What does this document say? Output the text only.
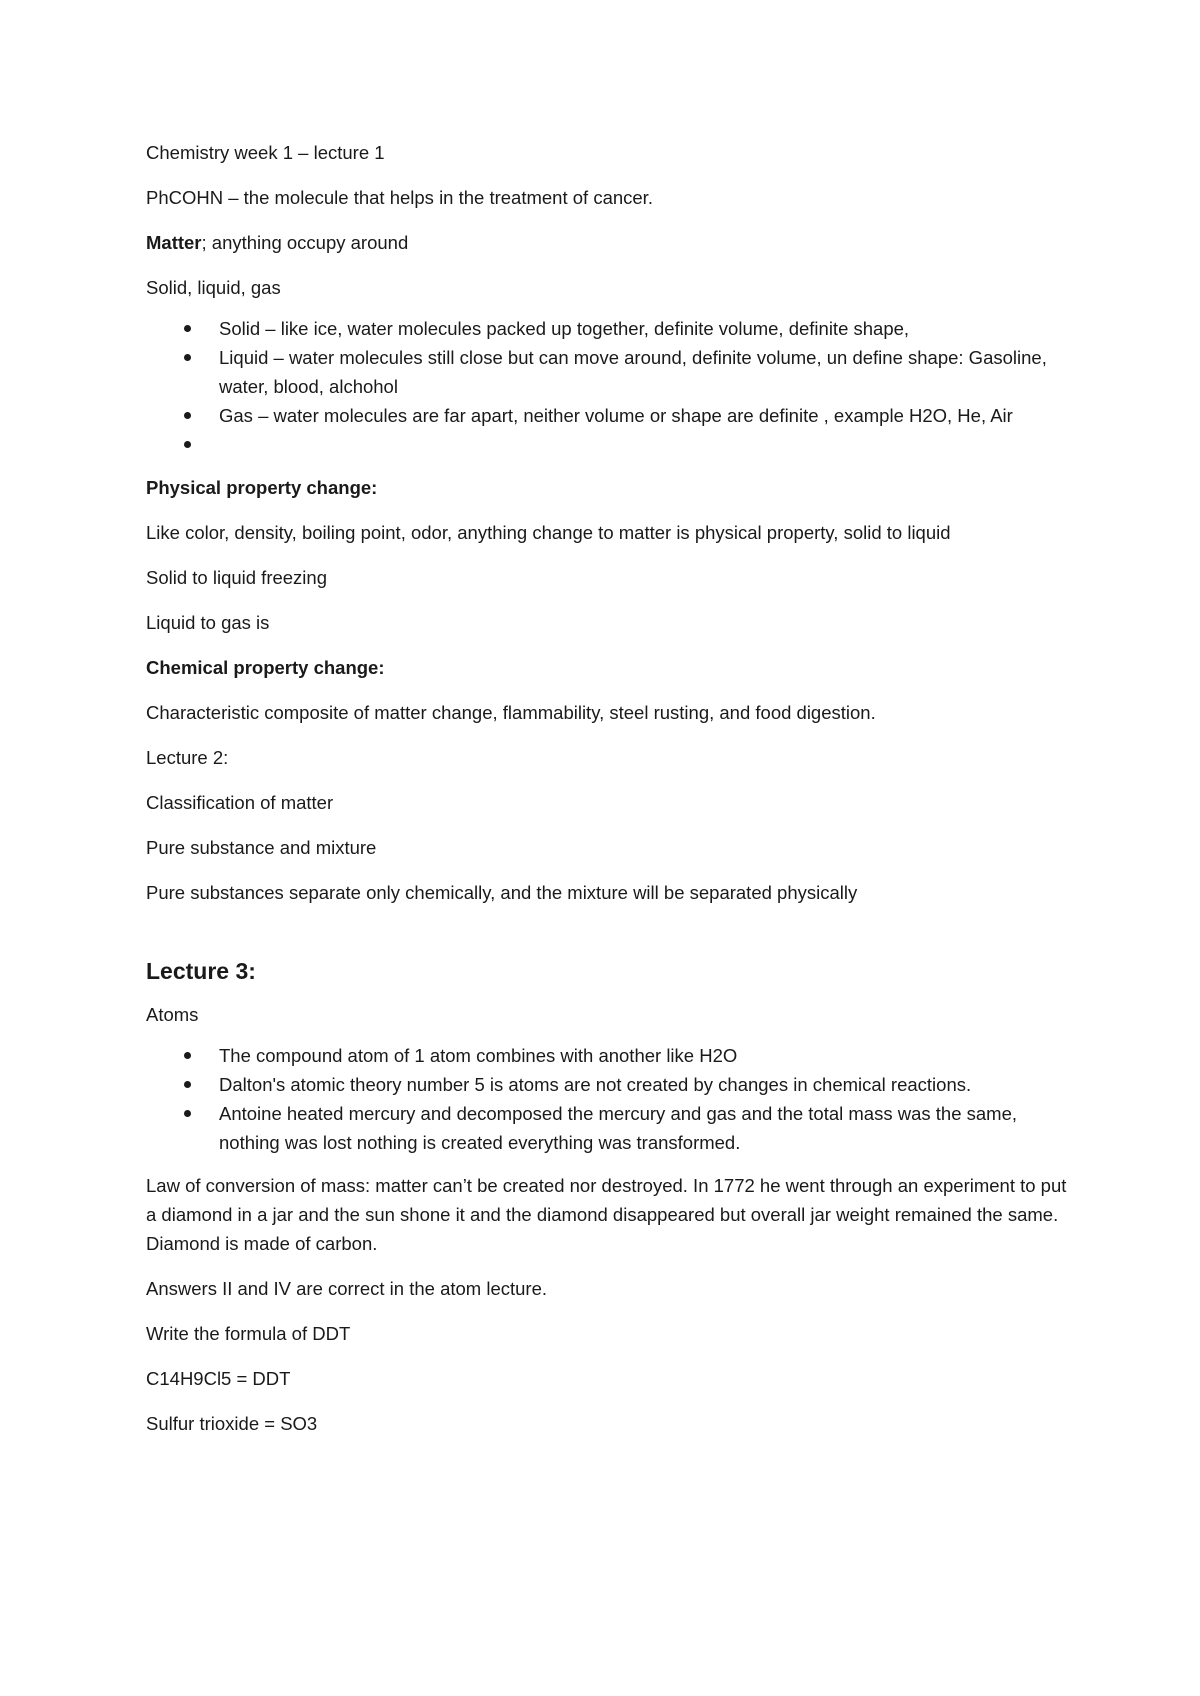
Chemistry week 1 – lecture 1

PhCOHN – the molecule that helps in the treatment of cancer.

Matter; anything occupy around

Solid, liquid, gas

Solid – like ice, water molecules packed up together, definite volume, definite shape,
Liquid – water molecules still close but can move around, definite volume, un define shape: Gasoline, water, blood, alchohol
Gas – water molecules are far apart, neither volume or shape are definite , example H2O, He, Air

Physical property change:

Like color, density, boiling point, odor, anything change to matter is physical property, solid to liquid

Solid to liquid freezing

Liquid to gas is

Chemical property change:

Characteristic composite of matter change, flammability, steel rusting, and food digestion.

Lecture 2:

Classification of matter

Pure substance and mixture

Pure substances separate only chemically, and the mixture will be separated physically

Lecture 3:

Atoms

The compound atom of 1 atom combines with another like H2O
Dalton's atomic theory number 5 is atoms are not created by changes in chemical reactions.
Antoine heated mercury and decomposed the mercury and gas and the total mass was the same, nothing was lost nothing is created everything was transformed.

Law of conversion of mass: matter can’t be created nor destroyed. In 1772 he went through an experiment to put a diamond in a jar and the sun shone it and the diamond disappeared but overall jar weight remained the same. Diamond is made of carbon.

Answers II and IV are correct in the atom lecture.

Write the formula of DDT

C14H9Cl5 = DDT

Sulfur trioxide = SO3
